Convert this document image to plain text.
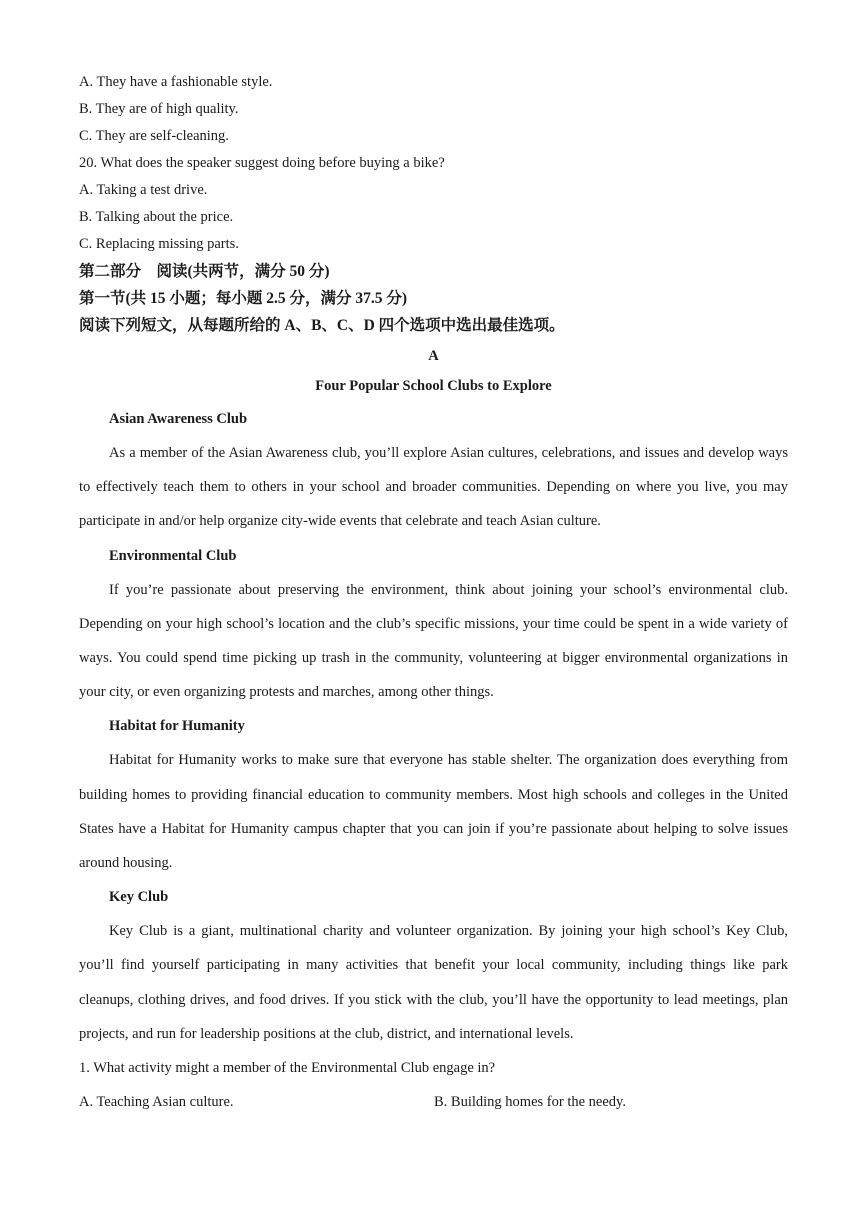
A. They have a fashionable style.
B. They are of high quality.
C. They are self-cleaning.
20. What does the speaker suggest doing before buying a bike?
A. Taking a test drive.
B. Talking about the price.
C. Replacing missing parts.
第二部分　阅读(共两节，满分 50 分)
第一节(共 15 小题；每小题 2.5 分，满分 37.5 分)
阅读下列短文，从每题所给的 A、B、C、D 四个选项中选出最佳选项。
A
Four Popular School Clubs to Explore
Asian Awareness Club

As a member of the Asian Awareness club, you’ll explore Asian cultures, celebrations, and issues and develop ways to effectively teach them to others in your school and broader communities. Depending on where you live, you may participate in and/or help organize city-wide events that celebrate and teach Asian culture.

Environmental Club

If you’re passionate about preserving the environment, think about joining your school’s environmental club. Depending on your high school’s location and the club’s specific missions, your time could be spent in a wide variety of ways. You could spend time picking up trash in the community, volunteering at bigger environmental organizations in your city, or even organizing protests and marches, among other things.

Habitat for Humanity

Habitat for Humanity works to make sure that everyone has stable shelter. The organization does everything from building homes to providing financial education to community members. Most high schools and colleges in the United States have a Habitat for Humanity campus chapter that you can join if you’re passionate about helping to solve issues around housing.

Key Club

Key Club is a giant, multinational charity and volunteer organization. By joining your high school’s Key Club, you’ll find yourself participating in many activities that benefit your local community, including things like park cleanups, clothing drives, and food drives. If you stick with the club, you’ll have the opportunity to lead meetings, plan projects, and run for leadership positions at the club, district, and international levels.

1. What activity might a member of the Environmental Club engage in?
A. Teaching Asian culture.	B. Building homes for the needy.
